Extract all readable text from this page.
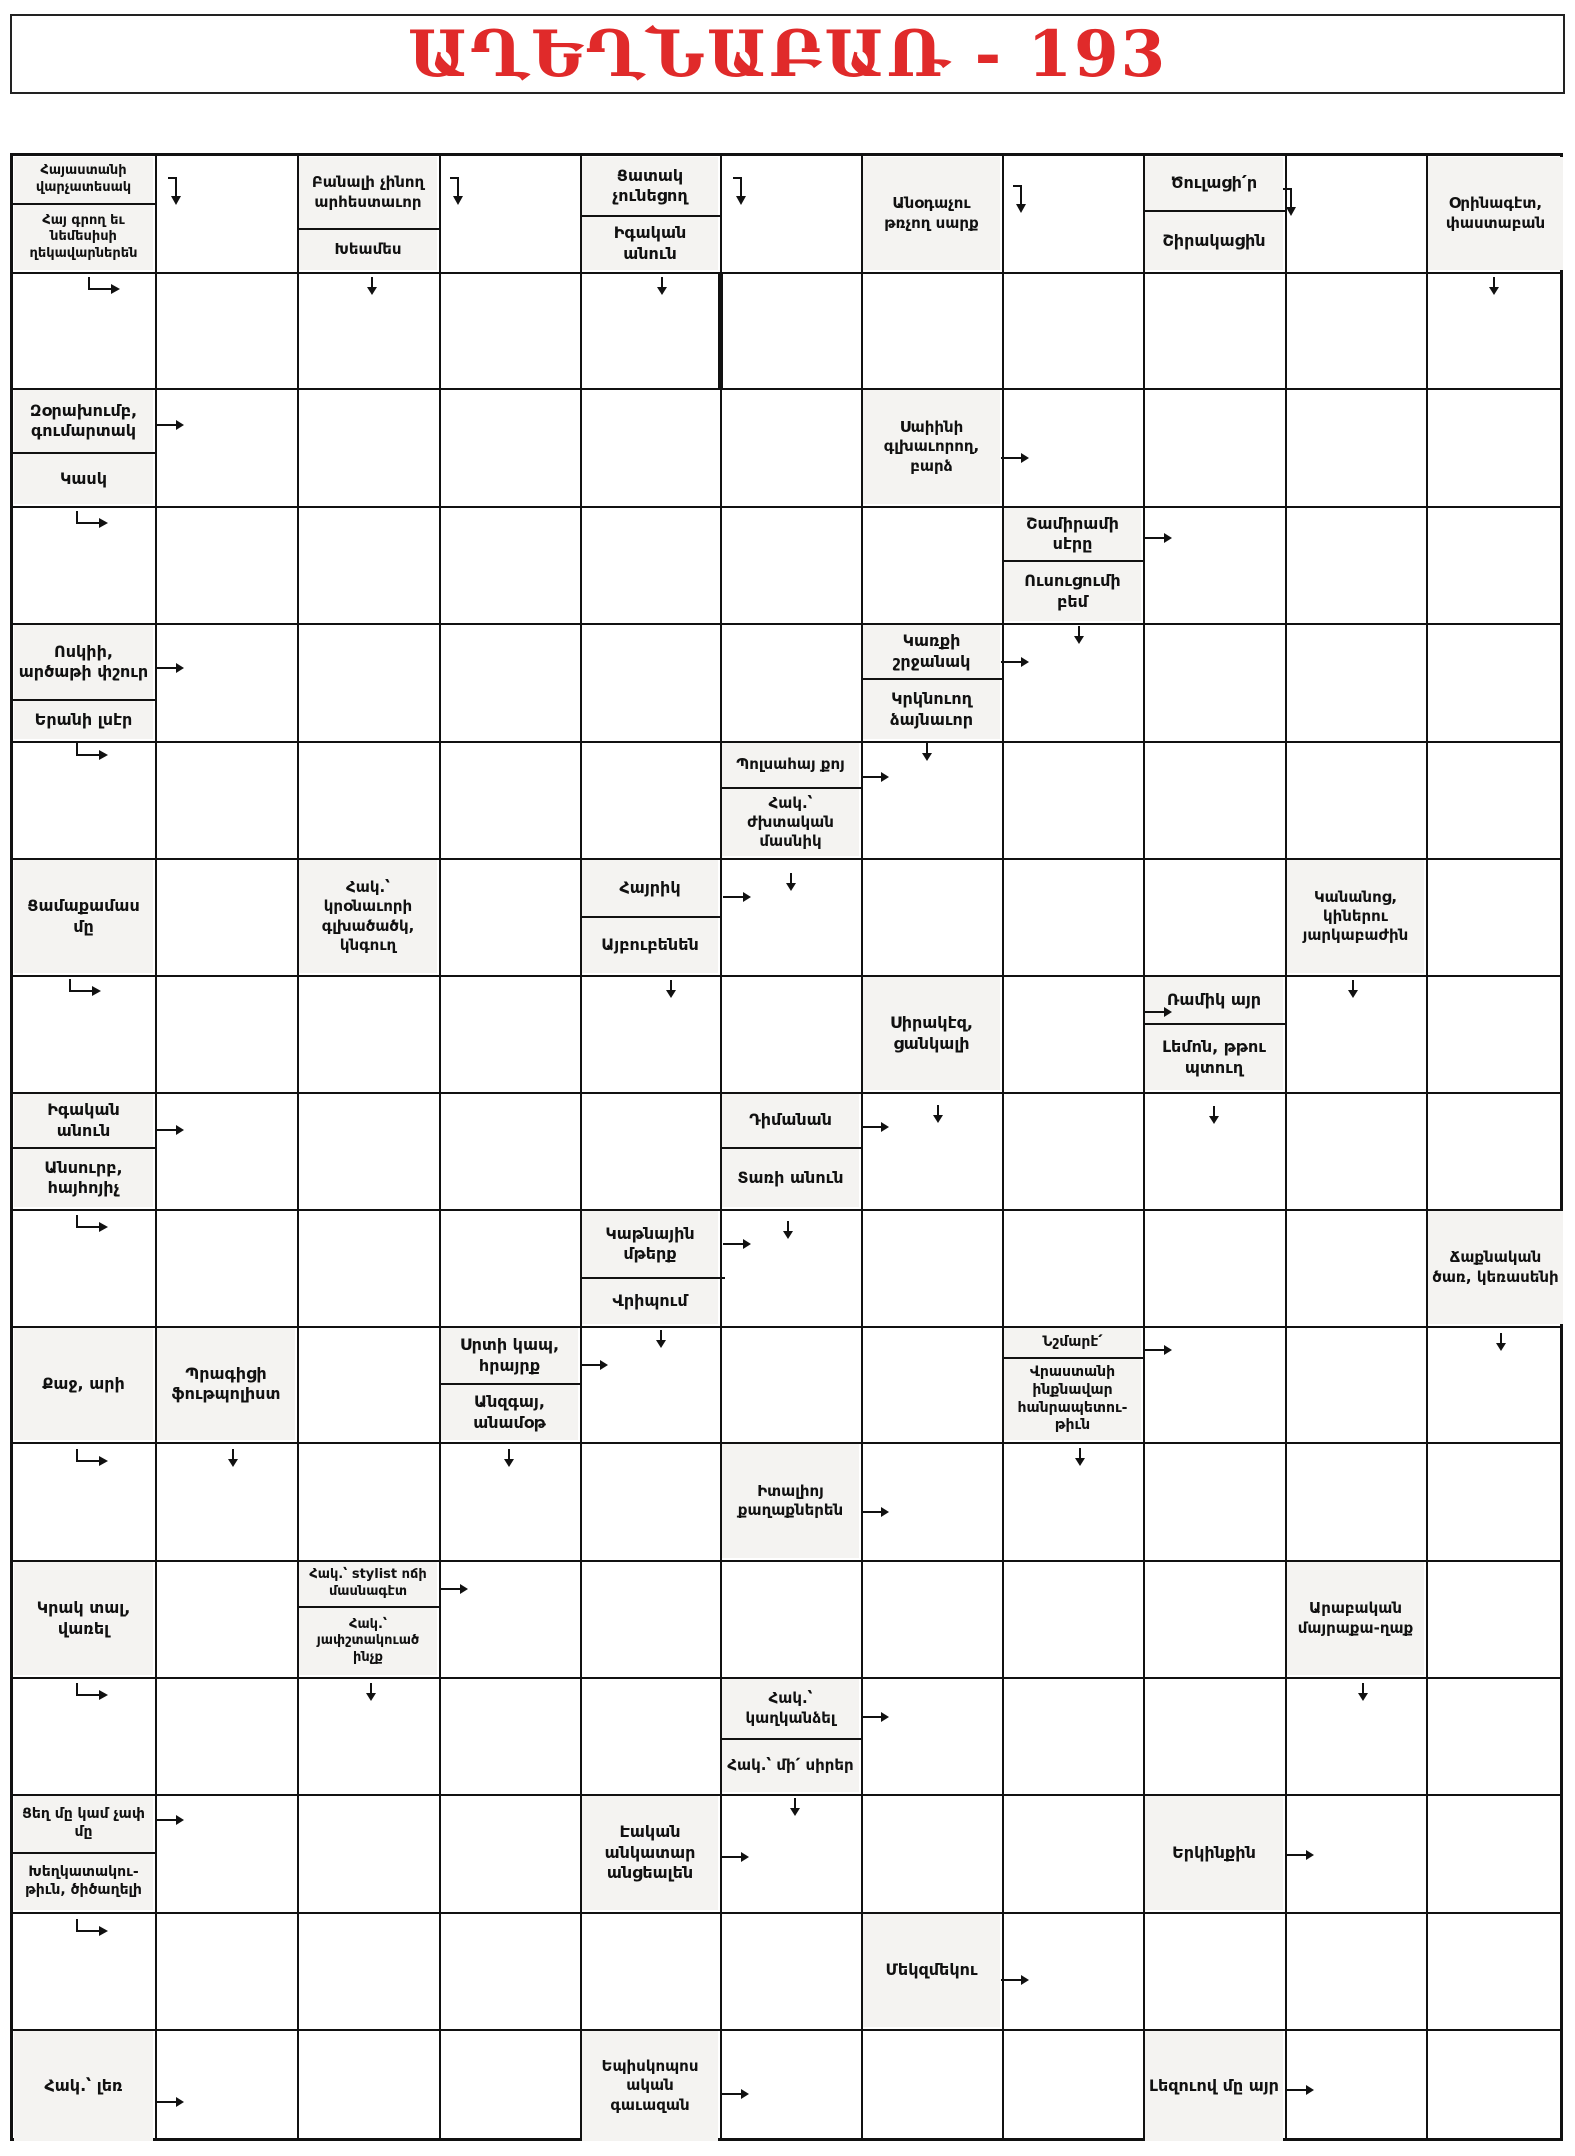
ԱՂԵՂՆԱԲԱՌ - 193
Հայաստանի վարչատեսակ
Հայ գրող եւ նեմեսիսի ղեկավարներեն
Բանալի չինող արհեստաւոր
Խեամես
Ցատակ չունեցող
Իգական անուն
Անօդաչու թռչող սարք
Ծուլացի՛ր
Շիրակացին
Օրինագէտ, փաստաբան
Զօրախումբ, գումարտակ
Կասկ
Սաիինի գլխաւորող, բարձ
Շամիրամի սէրը
Ուսուցումի բեմ
Ոսկիի, արծաթի փշուր
Երանի լսէր
Կառքի շրջանակ
Կրկնուող ձայնաւոր
Պոլսահայ քոյ
Հակ.՝ ժխտական մասնիկ
Ցամաքամաս մը
Հակ.՝ կրօնաւորի գլխածածկ, կնգուղ
Հայրիկ
Այբուբենեն
Կանանոց, կիներու յարկաբաժին
Սիրակէզ, ցանկալի
Ռամիկ այր
Լեմոն, թթու պտուղ
Իգական անուն
Անսուրբ, հայհոյիչ
Դիմանան
Տառի անուն
Կաթնային մթերք
Վրիպում
Ճաքնական ծառ, կեռասենի
Քաջ, արի
Պրագիցի ֆութպոլիստ
Սրտի կապ, հրայրք
Անզգայ, անամօթ
Նշմարէ՛
Վրաստանի ինքնավար հանրապետու-թիւն
Իտալիոյ քաղաքներեն
Կրակ տալ, վառել
Հակ.՝ stylist ոճի մասնագէտ
Հակ.՝ յափշտակուած ինչք
Արաբական մայրաքա-ղաք
Հակ.՝ կաղկանձել
Հակ.՝ մի՛ սիրեր
Ցեղ մը կամ չափ մը
Խեղկատակու-թիւն, ծիծաղելի
Էական անկատար անցեալեն
Երկինքին
Մեկզմեկու
Հակ.՝ լեռ
Եպիսկոպոս ական գաւազան
Լեզուով մը այր
